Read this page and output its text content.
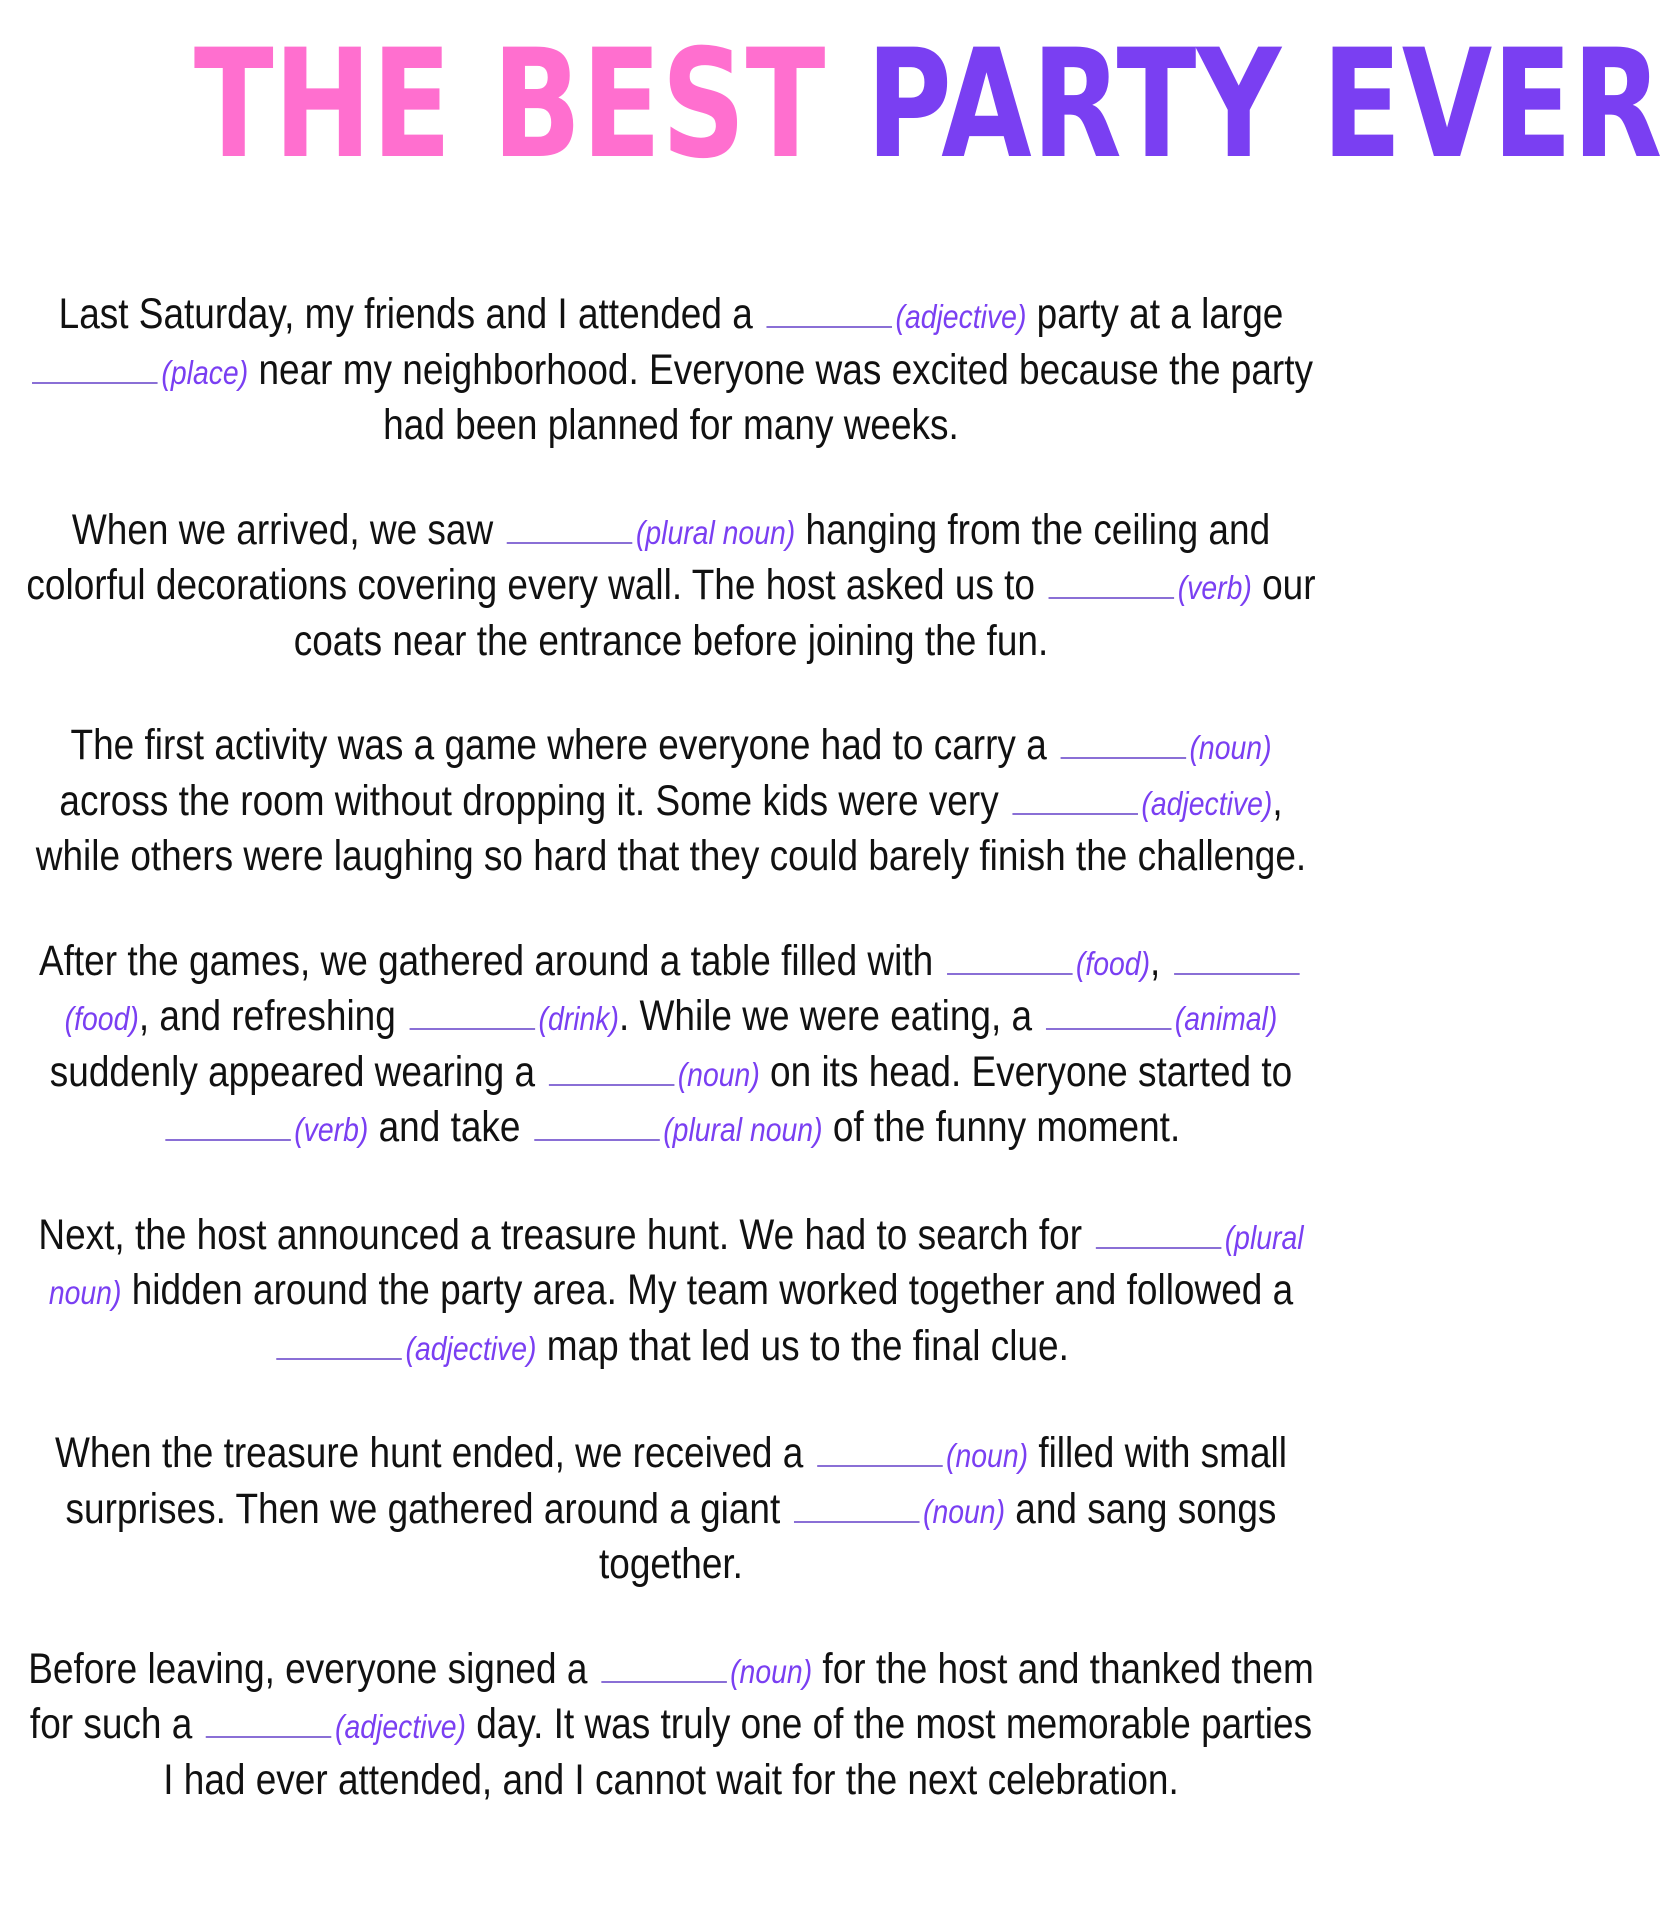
THE BEST PARTY EVER

Last Saturday, my friends and I attended a	(adjective) party at a large (place) near my neighborhood. Everyone was excited because the party had been planned for many weeks.

When we arrived, we saw	(plural noun) hanging from the ceiling and colorful decorations covering every wall. The host asked us to	(verb) our coats near the entrance before joining the fun.

The first activity was a game where everyone had to carry a	(noun) across the room without dropping it. Some kids were very	(adjective), while others were laughing so hard that they could barely finish the challenge.

After the games, we gathered around a table filled with	(food), (food), and refreshing	(drink). While we were eating, a	(animal) suddenly appeared wearing a	(noun) on its head. Everyone started to (verb) and take	(plural noun) of the funny moment.

Next, the host announced a treasure hunt. We had to search for	(plural noun) hidden around the party area. My team worked together and followed a (adjective) map that led us to the final clue.

When the treasure hunt ended, we received a	(noun) filled with small surprises. Then we gathered around a giant	(noun) and sang songs together.

Before leaving, everyone signed a	(noun) for the host and thanked them for such a	(adjective) day. It was truly one of the most memorable parties I had ever attended, and I cannot wait for the next celebration.
